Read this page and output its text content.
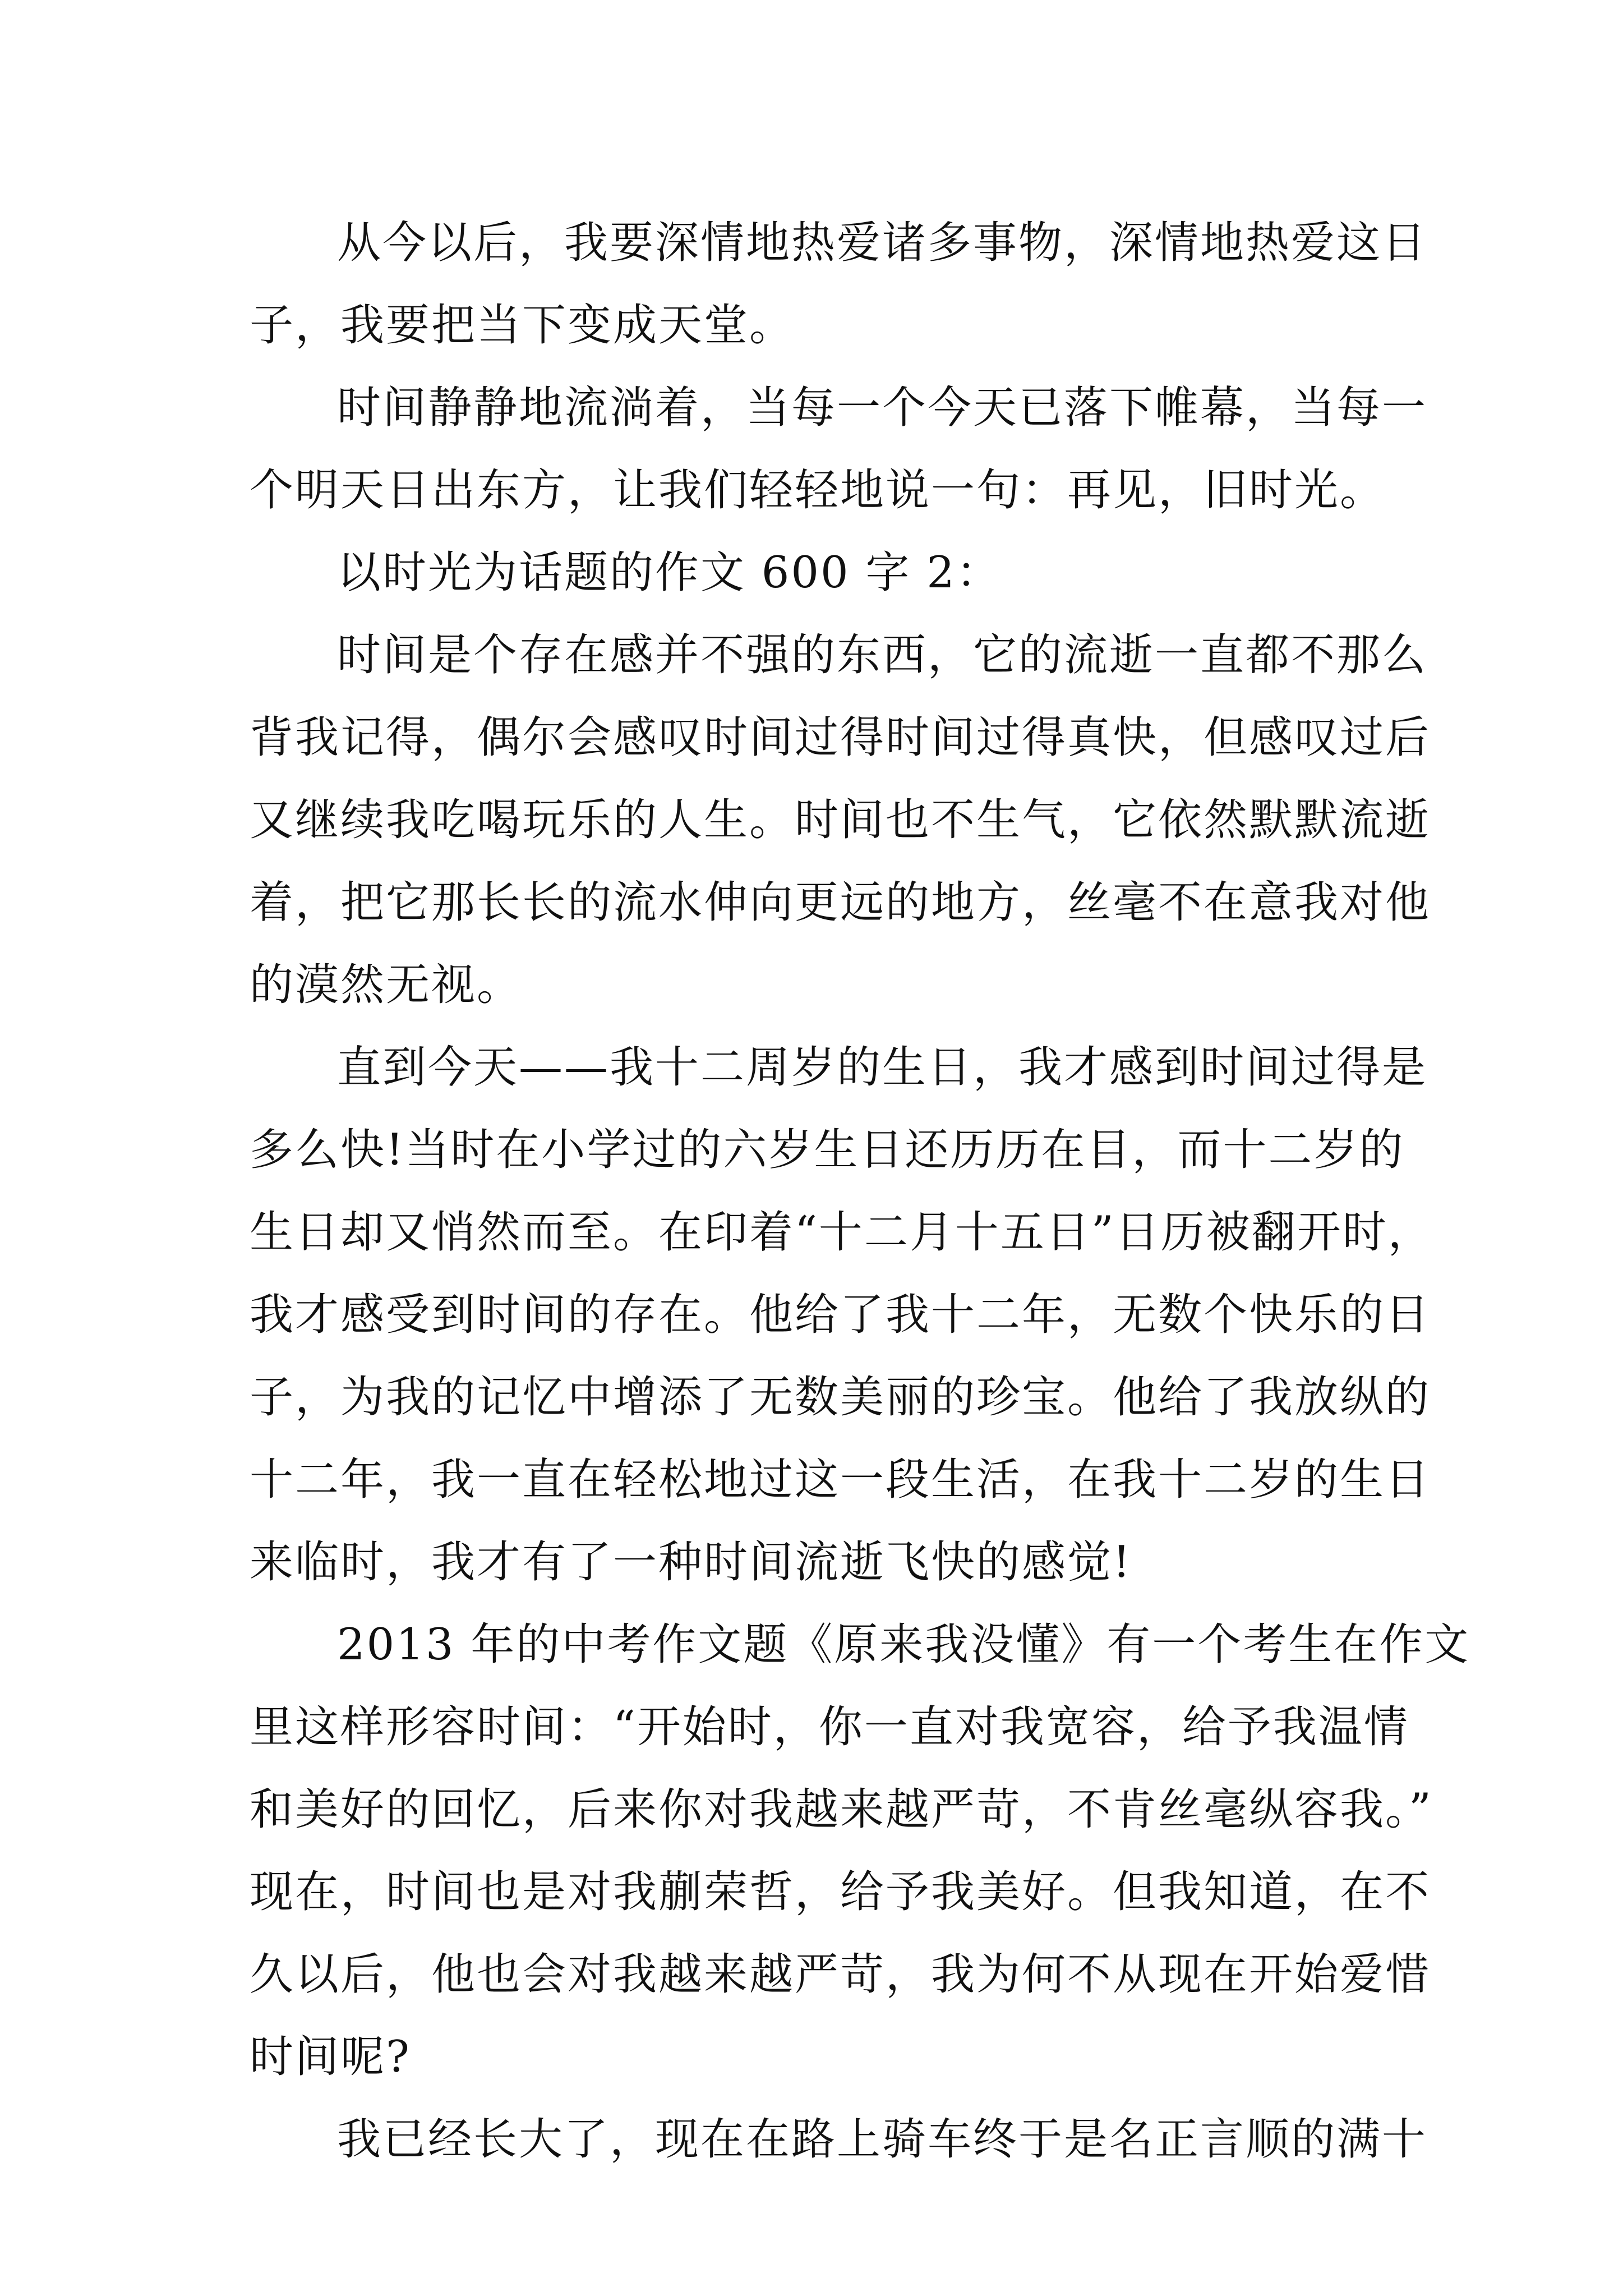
从今以后，我要深情地热爱诸多事物，深情地热爱这日
子，我要把当下变成天堂。

时间静静地流淌着，当每一个今天已落下帷幕，当每一
个明天日出东方，让我们轻轻地说一句：再见，旧时光。

以时光为话题的作文 600 字 2：

时间是个存在感并不强的东西，它的流逝一直都不那么
背我记得，偶尔会感叹时间过得时间过得真快，但感叹过后
又继续我吃喝玩乐的人生。时间也不生气，它依然默默流逝
着，把它那长长的流水伸向更远的地方，丝毫不在意我对他
的漠然无视。

直到今天——我十二周岁的生日，我才感到时间过得是
多么快!当时在小学过的六岁生日还历历在目，而十二岁的
生日却又悄然而至。在印着“十二月十五日”日历被翻开时，
我才感受到时间的存在。他给了我十二年，无数个快乐的日
子，为我的记忆中增添了无数美丽的珍宝。他给了我放纵的
十二年，我一直在轻松地过这一段生活，在我十二岁的生日
来临时，我才有了一种时间流逝飞快的感觉!

2013 年的中考作文题《原来我没懂》有一个考生在作文
里这样形容时间：“开始时，你一直对我宽容，给予我温情
和美好的回忆，后来你对我越来越严苛，不肯丝毫纵容我。”
现在，时间也是对我蒯荣哲，给予我美好。但我知道，在不
久以后，他也会对我越来越严苛，我为何不从现在开始爱惜
时间呢?

我已经长大了，现在在路上骑车终于是名正言顺的满十
